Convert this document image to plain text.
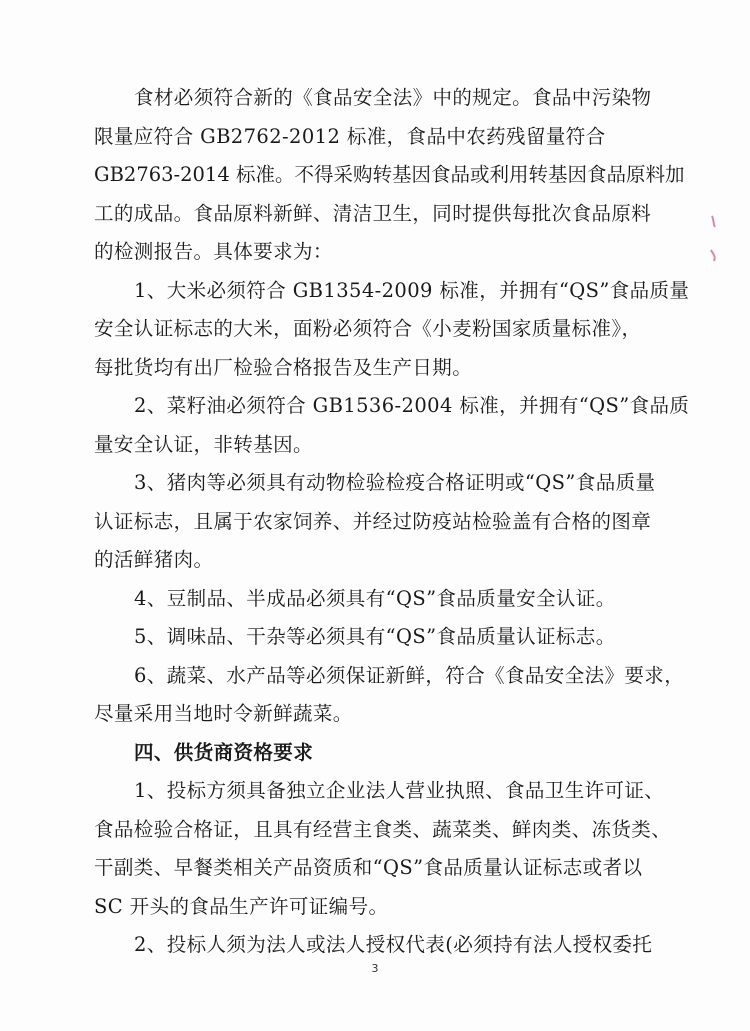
食材必须符合新的《食品安全法》中的规定。食品中污染物
限量应符合 GB2762-2012 标准，食品中农药残留量符合
GB2763-2014 标准。不得采购转基因食品或利用转基因食品原料加
工的成品。食品原料新鲜、清洁卫生，同时提供每批次食品原料
的检测报告。具体要求为：
1、大米必须符合 GB1354-2009 标准，并拥有“QS”食品质量
安全认证标志的大米，面粉必须符合《小麦粉国家质量标准》，
每批货均有出厂检验合格报告及生产日期。
2、菜籽油必须符合 GB1536-2004 标准，并拥有“QS”食品质
量安全认证，非转基因。
3、猪肉等必须具有动物检验检疫合格证明或“QS”食品质量
认证标志，且属于农家饲养、并经过防疫站检验盖有合格的图章
的活鲜猪肉。
4、豆制品、半成品必须具有“QS”食品质量安全认证。
5、调味品、干杂等必须具有“QS”食品质量认证标志。
6、蔬菜、水产品等必须保证新鲜，符合《食品安全法》要求，
尽量采用当地时令新鲜蔬菜。
四、供货商资格要求
1、投标方须具备独立企业法人营业执照、食品卫生许可证、
食品检验合格证，且具有经营主食类、蔬菜类、鲜肉类、冻货类、
干副类、早餐类相关产品资质和“QS”食品质量认证标志或者以
SC 开头的食品生产许可证编号。
2、投标人须为法人或法人授权代表(必须持有法人授权委托
3
